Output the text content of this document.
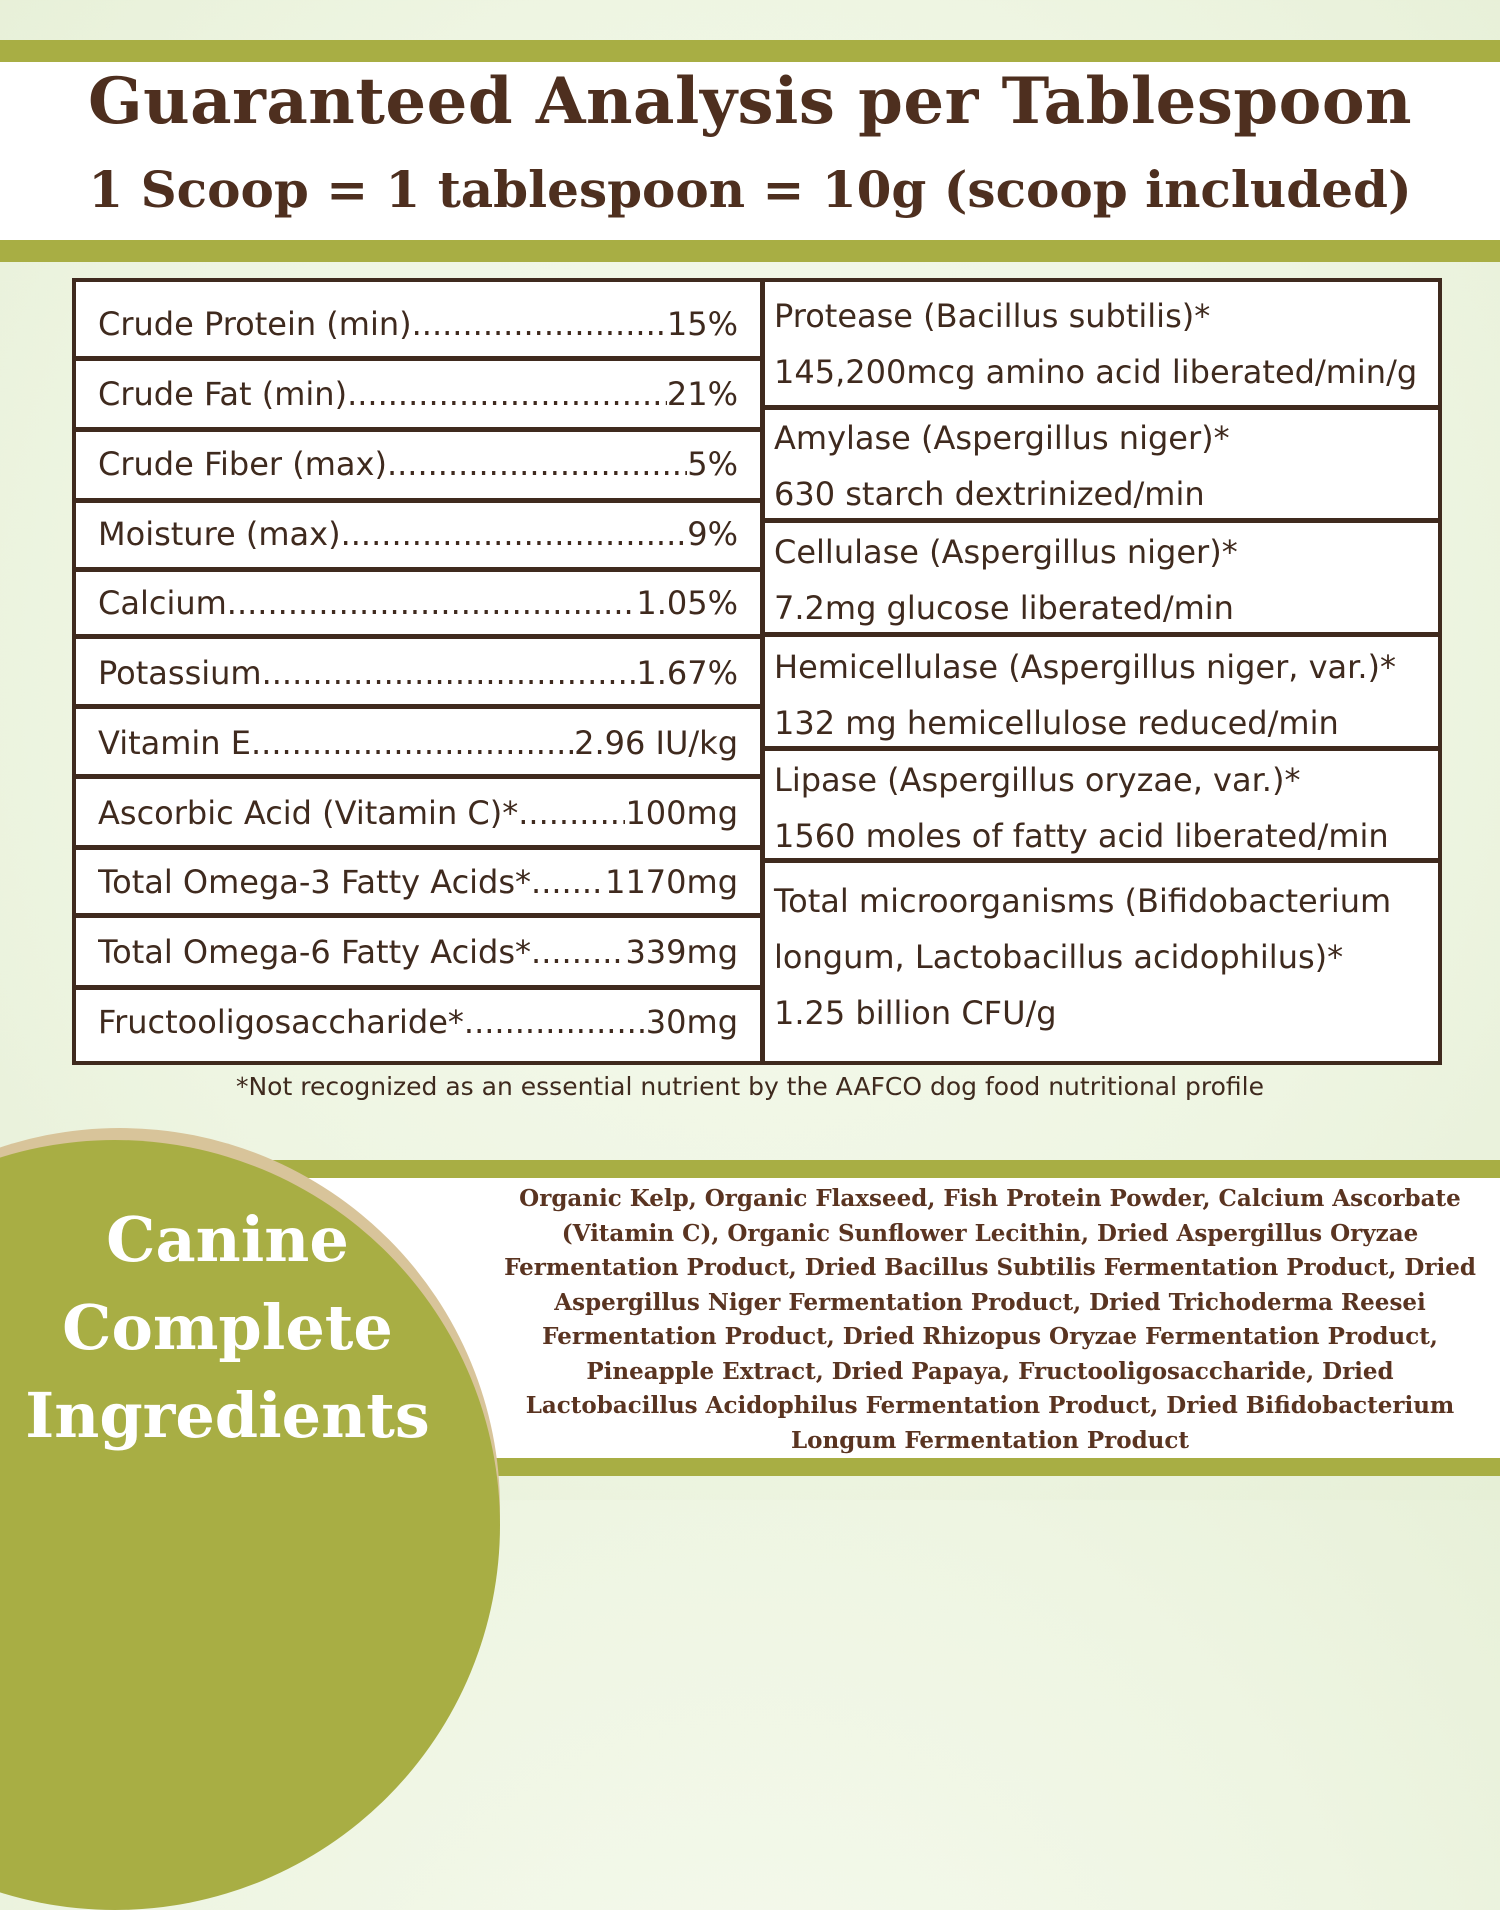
Guaranteed Analysis per Tablespoon
1 Scoop = 1 tablespoon = 10g (scoop included)
Crude Protein (min) .....	15%
Crude Fat (min) .....	21%
Crude Fiber (max) .....	5%
Moisture (max) .....	9%
Calcium .....	1.05%
Potassium .....	1.67%
Vitamin E .....	2.96 IU/kg
Ascorbic Acid (Vitamin C)* .....	100mg
Total Omega-3 Fatty Acids* ..... 1170mg
Total Omega-6 Fatty Acids* .....	339mg
Fructooligosaccharide* .....	30mg
Protease (Bacillus subtilis)*
145,200mcg amino acid liberated/min/g
Amylase (Aspergillus niger)*
630 starch dextrinized/min
Cellulase (Aspergillus niger)*
7.2mg glucose liberated/min
Hemicellulase (Aspergillus niger, var.)*
132 mg hemicellulose reduced/min
Lipase (Aspergillus oryzae, var.)*
1560 moles of fatty acid liberated/min
Total microorganisms (Bifidobacterium
longum, Lactobacillus acidophilus)*
1.25 billion CFU/g
*Not recognized as an essential nutrient by the AAFCO dog food nutritional profile
Canine
Complete
Ingredients
Organic Kelp, Organic Flaxseed, Fish Protein Powder, Calcium Ascorbate
(Vitamin C), Organic Sunflower Lecithin, Dried Aspergillus Oryzae
Fermentation Product, Dried Bacillus Subtilis Fermentation Product, Dried
Aspergillus Niger Fermentation Product, Dried Trichoderma Reesei
Fermentation Product, Dried Rhizopus Oryzae Fermentation Product,
Pineapple Extract, Dried Papaya, Fructooligosaccharide, Dried
Lactobacillus Acidophilus Fermentation Product, Dried Bifidobacterium
Longum Fermentation Product
